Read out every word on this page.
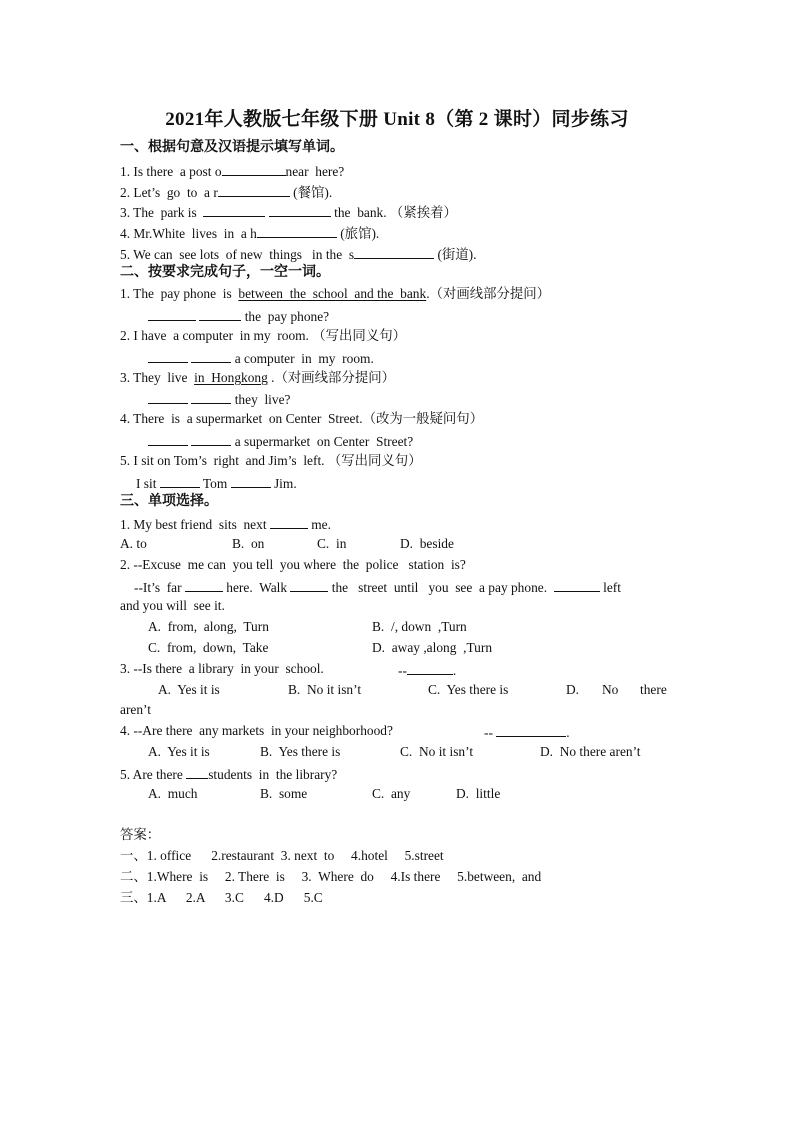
2021年人教版七年级下册 Unit 8（第 2 课时）同步练习
一、根据句意及汉语提示填写单词。
1. Is there  a post o	near  here?
2. Let’s  go  to  a r	(餐馆).
3. The  park is	the  bank. （紧挨着）
4. Mr.White  lives  in  a h	(旅馆).
5. We can  see lots  of new  things   in the  s	(街道).
二、按要求完成句子，一空一词。
1. The  pay phone  is  between  the  school  and the  bank.（对画线部分提问）
the  pay phone?
2. I have  a computer  in my  room. （写出同义句）
a computer  in  my  room.
3. They  live  in  Hongkong .（对画线部分提问）
they  live?
4. There  is  a supermarket  on Center  Street.（改为一般疑问句）
a supermarket  on Center  Street?
5. I sit on Tom’s  right  and Jim’s  left. （写出同义句）
I sit	Tom	Jim.
三、单项选择。
1. My best friend  sits  next	me.
A. to	B.  on	C.  in	D.  beside
2. --Excuse  me can  you tell  you where  the  police   station  is?
--It’s  far	here.  Walk	the   street  until   you  see  a pay phone.	left
and you will  see it.
A.  from,  along,  Turn	B.  /, down  ,Turn
C.  from,  down,  Take	D.  away ,along  ,Turn
3. --Is there  a library  in your  school.	--	.
A.  Yes it is	B.  No it isn’t	C.  Yes there is	D. No there
aren’t
4. --Are there  any markets  in your neighborhood?	--	.
A.  Yes it is	B.  Yes there is	C.  No it isn’t	D.  No there aren’t
5. Are there students  in  the library?
A.  much	B.  some	C.  any	D.  little
答案：
一、1. office      2.restaurant  3. next  to     4.hotel     5.street
二、1.Where  is     2. There  is     3.  Where  do     4.Is there     5.between,  and
三、1.A      2.A      3.C      4.D      5.C
